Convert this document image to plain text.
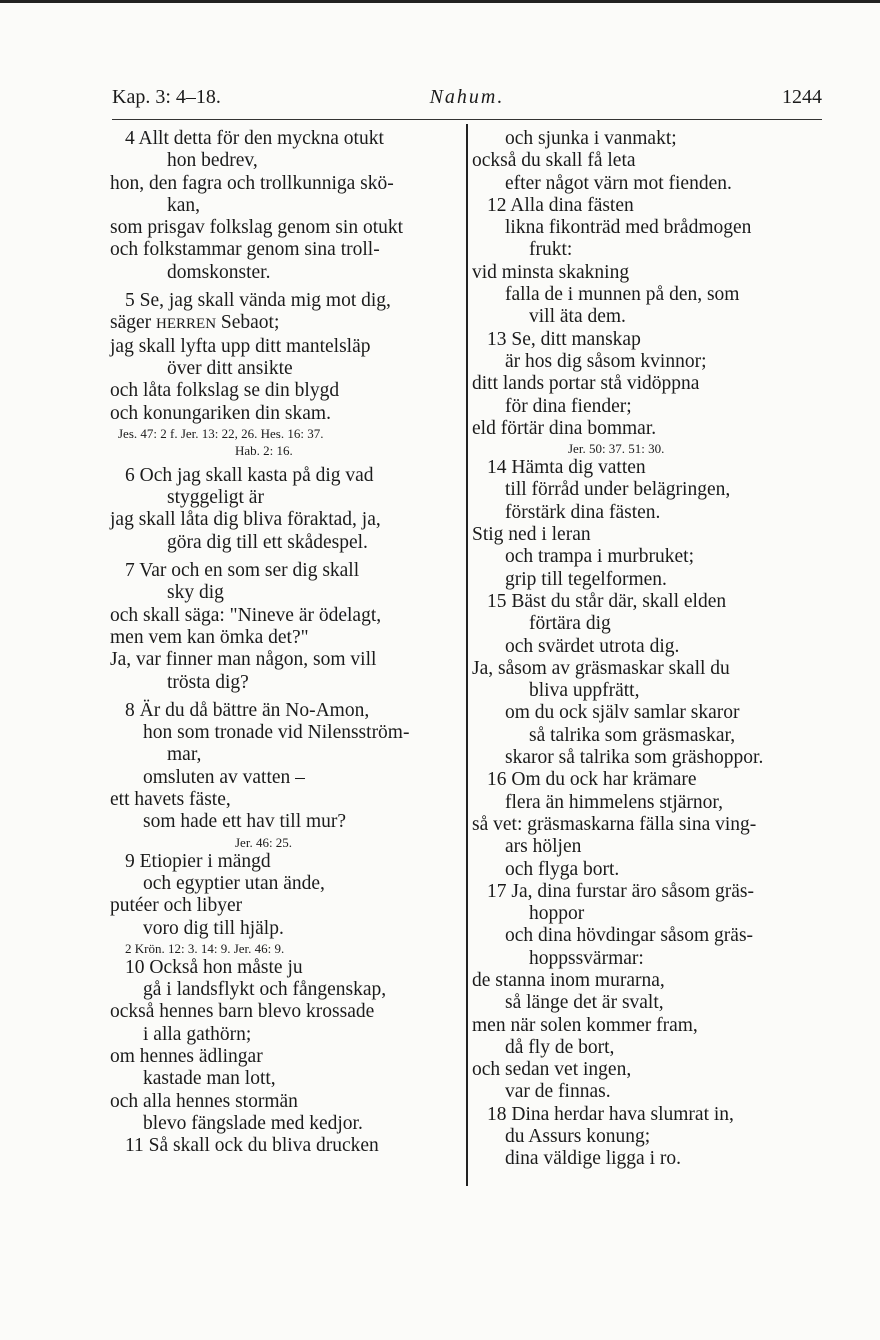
Kap. 3: 4–18.	Nahum.	1244
4 Allt detta för den myckna otukt
hon bedrev,
hon, den fagra och trollkunniga skö-
kan,
som prisgav folkslag genom sin otukt
och folkstammar genom sina troll-
domskonster.
5 Se, jag skall vända mig mot dig,
säger HERREN Sebaot;
jag skall lyfta upp ditt mantelsläp
över ditt ansikte
och låta folkslag se din blygd
och konungariken din skam.
Jes. 47: 2 f. Jer. 13: 22, 26. Hes. 16: 37.
Hab. 2: 16.
6 Och jag skall kasta på dig vad
styggeligt är
jag skall låta dig bliva föraktad, ja,
göra dig till ett skådespel.
7 Var och en som ser dig skall
sky dig
och skall säga: "Nineve är ödelagt,
men vem kan ömka det?"
Ja, var finner man någon, som vill
trösta dig?
8 Är du då bättre än No-Amon,
hon som tronade vid Nilensström-
mar,
omsluten av vatten –
ett havets fäste,
som hade ett hav till mur?
Jer. 46: 25.
9 Etiopier i mängd
och egyptier utan ände,
putéer och libyer
voro dig till hjälp.
2 Krön. 12: 3. 14: 9. Jer. 46: 9.
10 Också hon måste ju
gå i landsflykt och fångenskap,
också hennes barn blevo krossade
i alla gathörn;
om hennes ädlingar
kastade man lott,
och alla hennes stormän
blevo fängslade med kedjor.
11 Så skall ock du bliva drucken
och sjunka i vanmakt;
också du skall få leta
efter något värn mot fienden.
12 Alla dina fästen
likna fikonträd med brådmogen
frukt:
vid minsta skakning
falla de i munnen på den, som
vill äta dem.
13 Se, ditt manskap
är hos dig såsom kvinnor;
ditt lands portar stå vidöppna
för dina fiender;
eld förtär dina bommar.
Jer. 50: 37. 51: 30.
14 Hämta dig vatten
till förråd under belägringen,
förstärk dina fästen.
Stig ned i leran
och trampa i murbruket;
grip till tegelformen.
15 Bäst du står där, skall elden
förtära dig
och svärdet utrota dig.
Ja, såsom av gräsmaskar skall du
bliva uppfrätt,
om du ock själv samlar skaror
så talrika som gräsmaskar,
skaror så talrika som gräshoppor.
16 Om du ock har krämare
flera än himmelens stjärnor,
så vet: gräsmaskarna fälla sina ving-
ars höljen
och flyga bort.
17 Ja, dina furstar äro såsom gräs-
hoppor
och dina hövdingar såsom gräs-
hoppssvärmar:
de stanna inom murarna,
så länge det är svalt,
men när solen kommer fram,
då fly de bort,
och sedan vet ingen,
var de finnas.
18 Dina herdar hava slumrat in,
du Assurs konung;
dina väldige ligga i ro.
